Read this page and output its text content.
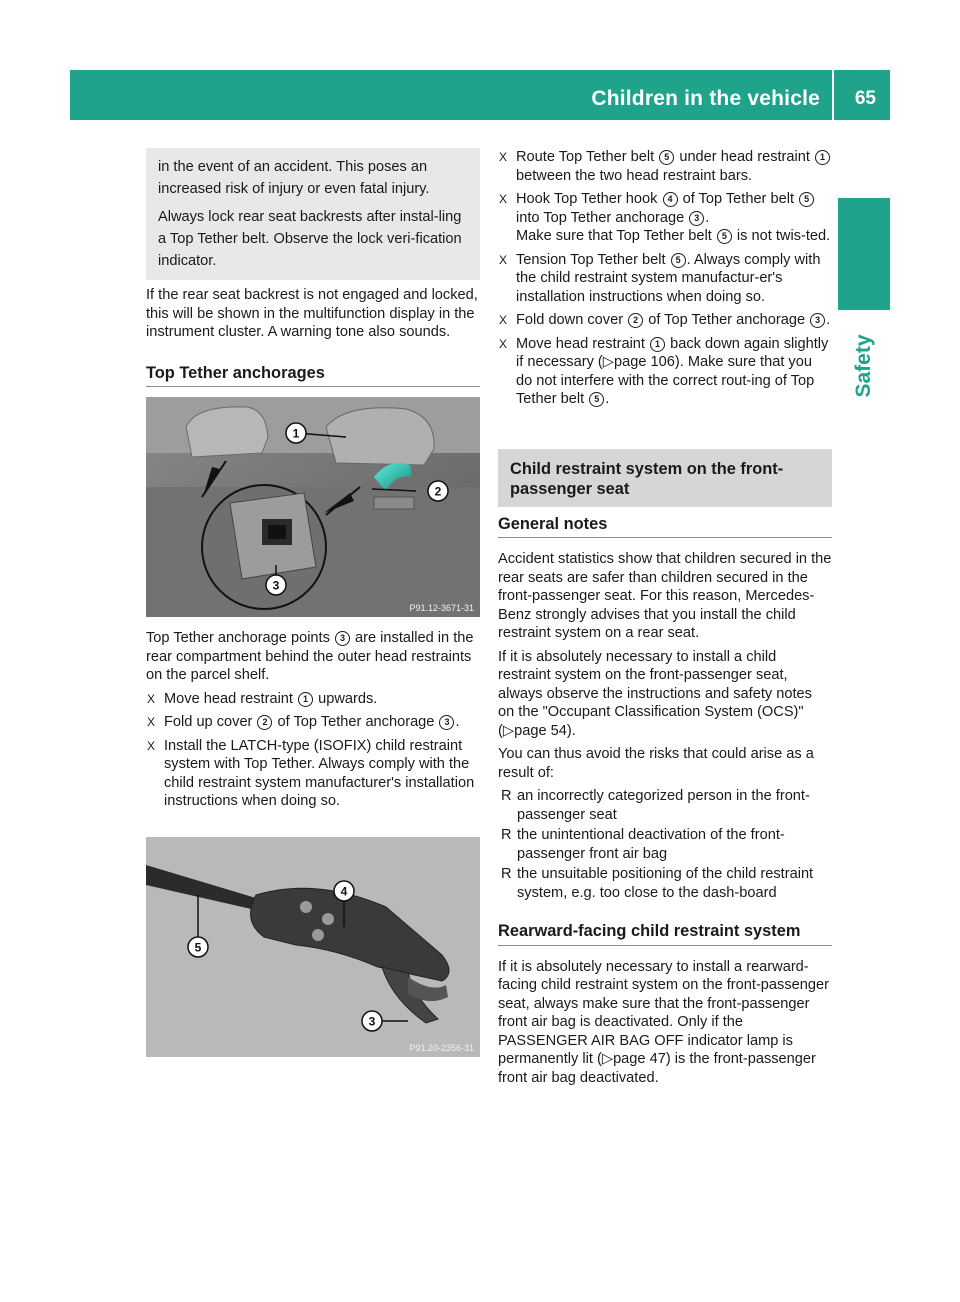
Children in the vehicle 65
Safety

in the event of an accident. This poses an increased risk of injury or even fatal injury.

Always lock rear seat backrests after instal-ling a Top Tether belt. Observe the lock veri-fication indicator.

If the rear seat backrest is not engaged and locked, this will be shown in the multifunction display in the instrument cluster. A warning tone also sounds.

Top Tether anchorages
1
2
3
P91.12-3671-31

Top Tether anchorage points 3 are installed in the rear compartment behind the outer head restraints on the parcel shelf.

X Move head restraint 1 upwards.
X Fold up cover 2 of Top Tether anchorage 3 .
X Install the LATCH-type (ISOFIX) child restraint system with Top Tether. Always comply with the child restraint system manufacturer's installation instructions when doing so.
4
5
3
P91.20-2356-31
X Route Top Tether belt 5 under head restraint 1 between the two head restraint bars.
X Hook Top Tether hook 4 of Top Tether belt 5 into Top Tether anchorage 3 .
Make sure that Top Tether belt 5 is not twis-ted.
X Tension Top Tether belt 5 . Always comply with the child restraint system manufactur-er's installation instructions when doing so.
X Fold down cover 2 of Top Tether anchorage 3 .
X Move head restraint 1 back down again slightly if necessary (▷page 106). Make sure that you do not interfere with the correct rout-ing of Top Tether belt 5 .
Child restraint system on the front-passenger seat
General notes

Accident statistics show that children secured in the rear seats are safer than children secured in the front-passenger seat. For this reason, Mercedes-Benz strongly advises that you install the child restraint system on a rear seat.

If it is absolutely necessary to install a child restraint system on the front-passenger seat, always observe the instructions and safety notes on the "Occupant Classification System (OCS)" (▷page 54).

You can thus avoid the risks that could arise as a result of:

R an incorrectly categorized person in the front-passenger seat
R the unintentional deactivation of the front-passenger front air bag
R the unsuitable positioning of the child restraint system, e.g. too close to the dash-board
Rearward-facing child restraint system

If it is absolutely necessary to install a rearward-facing child restraint system on the front-passenger seat, always make sure that the front-passenger front air bag is deactivated. Only if the PASSENGER AIR BAG OFF indicator lamp is permanently lit (▷page 47) is the front-passenger front air bag deactivated.
